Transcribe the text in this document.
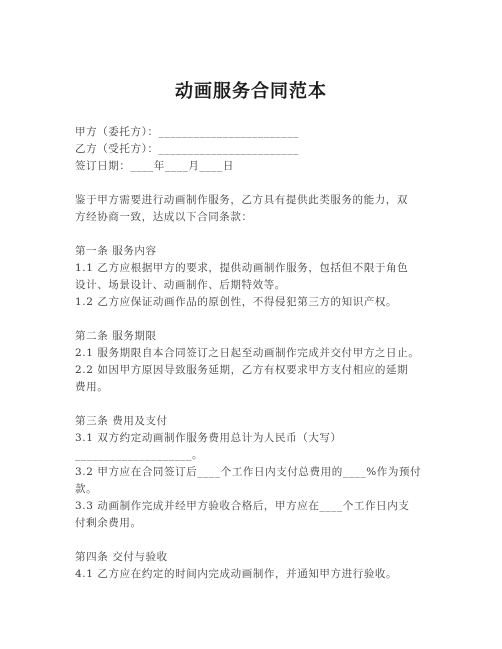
动画服务合同范本
甲方（委托方）：________________________
乙方（受托方）：________________________
签订日期：____年____月____日
鉴于甲方需要进行动画制作服务，乙方具有提供此类服务的能力，双
方经协商一致，达成以下合同条款：
第一条 服务内容
1.1 乙方应根据甲方的要求，提供动画制作服务，包括但不限于角色
设计、场景设计、动画制作、后期特效等。
1.2 乙方应保证动画作品的原创性，不得侵犯第三方的知识产权。
第二条 服务期限
2.1 服务期限自本合同签订之日起至动画制作完成并交付甲方之日止。
2.2 如因甲方原因导致服务延期，乙方有权要求甲方支付相应的延期
费用。
第三条 费用及支付
3.1 双方约定动画制作服务费用总计为人民币（大写）
____________________。
3.2 甲方应在合同签订后____个工作日内支付总费用的____%作为预付
款。
3.3 动画制作完成并经甲方验收合格后，甲方应在____个工作日内支
付剩余费用。
第四条 交付与验收
4.1 乙方应在约定的时间内完成动画制作，并通知甲方进行验收。
